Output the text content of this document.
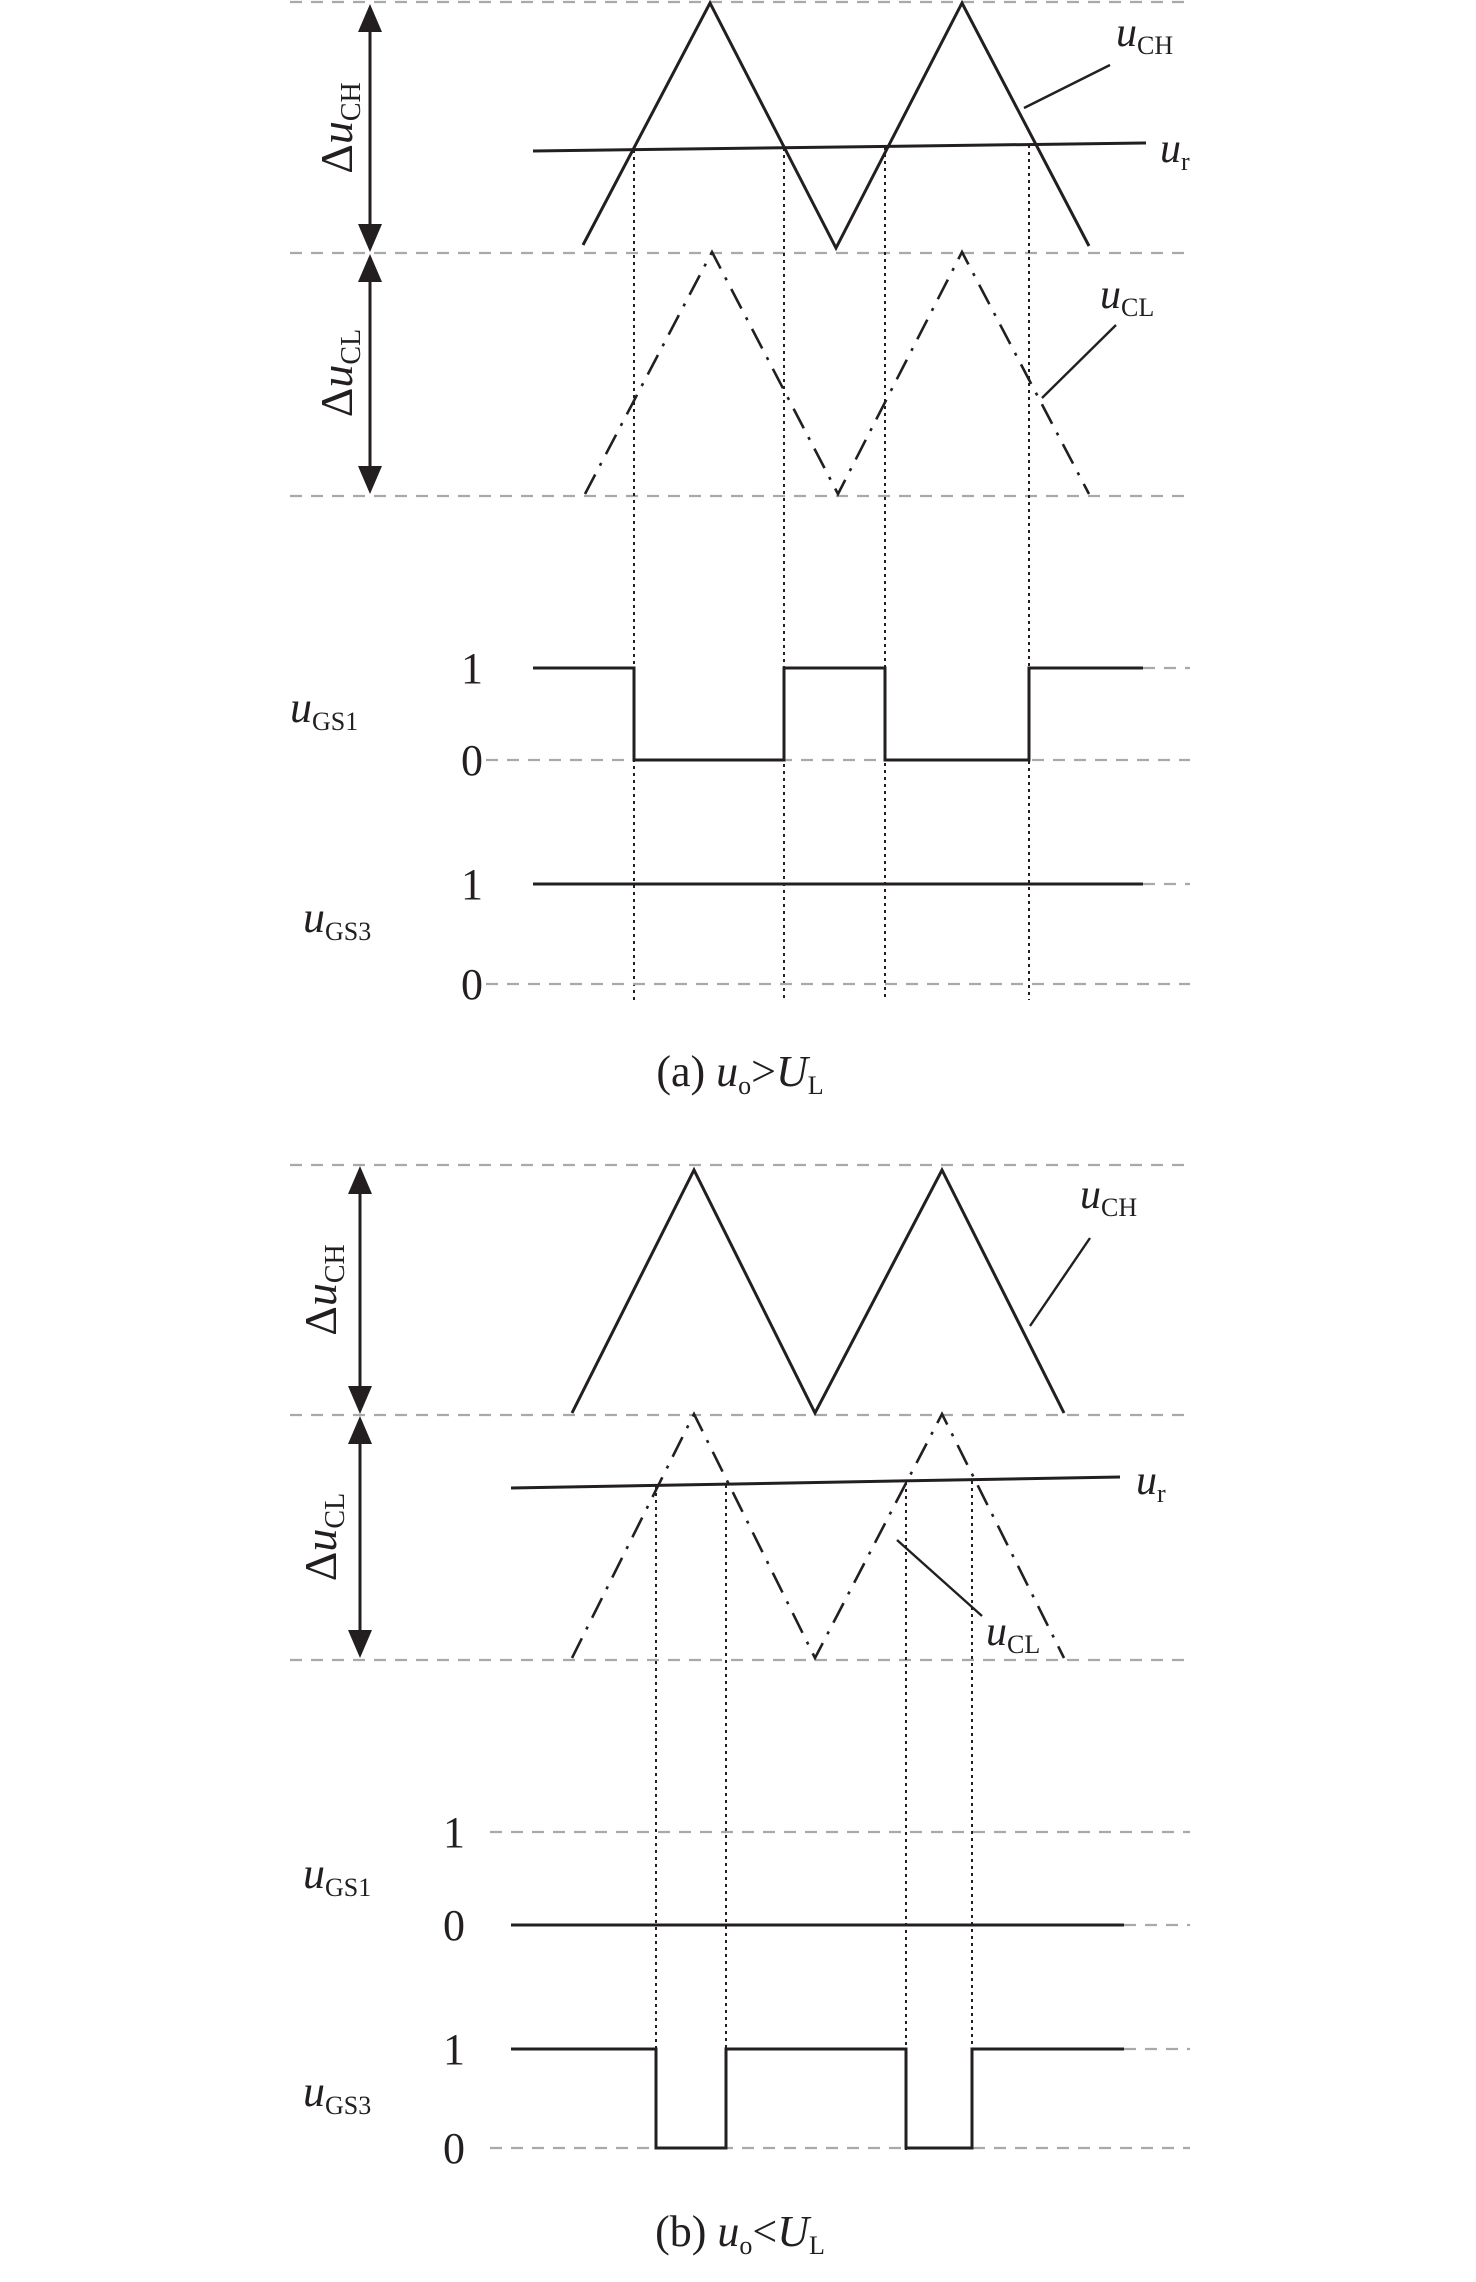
ΔuCH
ΔuCL
uCH
ur
uCL
1
0
uGS1
1
0
uGS3
(a) uo>UL
ΔuCH
ΔuCL
uCH
ur
uCL
1
0
uGS1
1
0
uGS3
(b) uo<UL
